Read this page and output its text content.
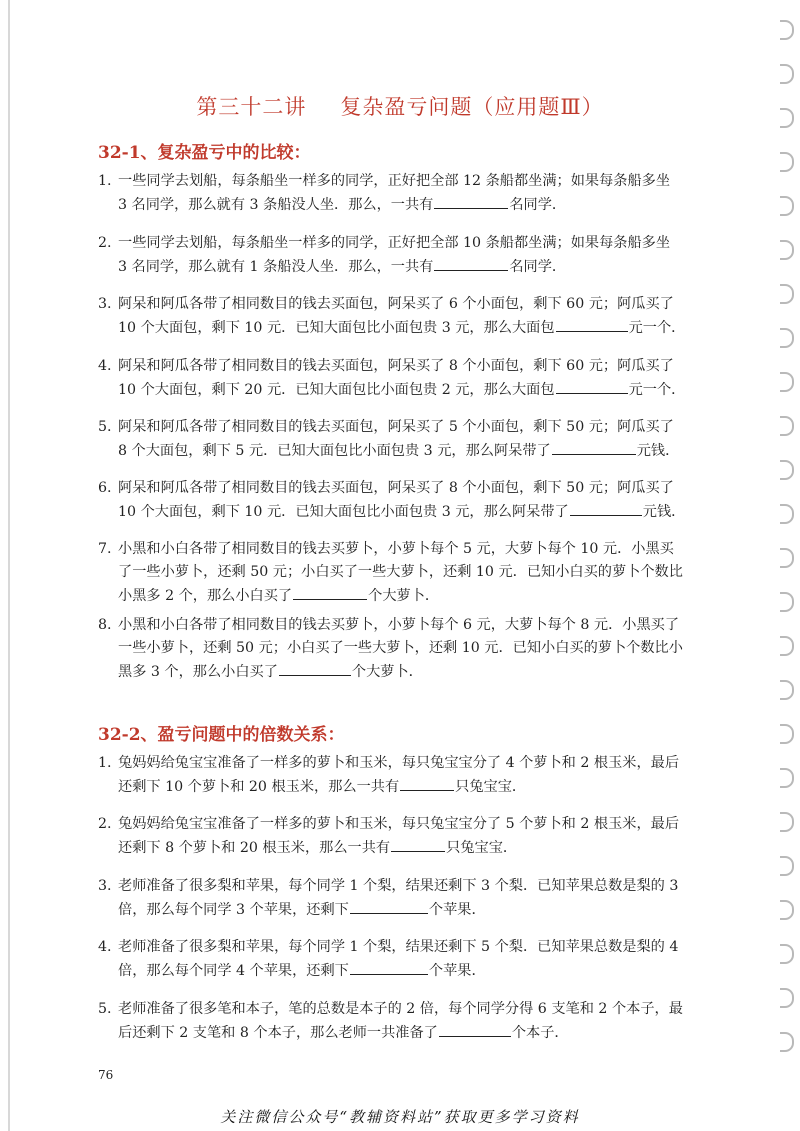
第三十二讲 复杂盈亏问题（应用题Ⅲ）
32-1、复杂盈亏中的比较：
1. 一些同学去划船，每条船坐一样多的同学，正好把全部 12 条船都坐满；如果每条船多坐
3 名同学，那么就有 3 条船没人坐．那么，一共有	名同学．
2. 一些同学去划船，每条船坐一样多的同学，正好把全部 10 条船都坐满；如果每条船多坐
3 名同学，那么就有 1 条船没人坐．那么，一共有	名同学．
3. 阿呆和阿瓜各带了相同数目的钱去买面包，阿呆买了 6 个小面包，剩下 60 元；阿瓜买了
10 个大面包，剩下 10 元．已知大面包比小面包贵 3 元，那么大面包	元一个．
4. 阿呆和阿瓜各带了相同数目的钱去买面包，阿呆买了 8 个小面包，剩下 60 元；阿瓜买了
10 个大面包，剩下 20 元．已知大面包比小面包贵 2 元，那么大面包	元一个．
5. 阿呆和阿瓜各带了相同数目的钱去买面包，阿呆买了 5 个小面包，剩下 50 元；阿瓜买了
8 个大面包，剩下 5 元．已知大面包比小面包贵 3 元，那么阿呆带了	元钱．
6. 阿呆和阿瓜各带了相同数目的钱去买面包，阿呆买了 8 个小面包，剩下 50 元；阿瓜买了
10 个大面包，剩下 10 元．已知大面包比小面包贵 3 元，那么阿呆带了	元钱．
7. 小黑和小白各带了相同数目的钱去买萝卜，小萝卜每个 5 元，大萝卜每个 10 元．小黑买
了一些小萝卜，还剩 50 元；小白买了一些大萝卜，还剩 10 元．已知小白买的萝卜个数比
小黑多 2 个，那么小白买了	个大萝卜．
8. 小黑和小白各带了相同数目的钱去买萝卜，小萝卜每个 6 元，大萝卜每个 8 元．小黑买了
一些小萝卜，还剩 50 元；小白买了一些大萝卜，还剩 10 元．已知小白买的萝卜个数比小
黑多 3 个，那么小白买了	个大萝卜．
32-2、盈亏问题中的倍数关系：
1. 兔妈妈给兔宝宝准备了一样多的萝卜和玉米，每只兔宝宝分了 4 个萝卜和 2 根玉米，最后
还剩下 10 个萝卜和 20 根玉米，那么一共有	只兔宝宝．
2. 兔妈妈给兔宝宝准备了一样多的萝卜和玉米，每只兔宝宝分了 5 个萝卜和 2 根玉米，最后
还剩下 8 个萝卜和 20 根玉米，那么一共有	只兔宝宝．
3. 老师准备了很多梨和苹果，每个同学 1 个梨，结果还剩下 3 个梨．已知苹果总数是梨的 3
倍，那么每个同学 3 个苹果，还剩下	个苹果．
4. 老师准备了很多梨和苹果，每个同学 1 个梨，结果还剩下 5 个梨．已知苹果总数是梨的 4
倍，那么每个同学 4 个苹果，还剩下	个苹果．
5. 老师准备了很多笔和本子，笔的总数是本子的 2 倍，每个同学分得 6 支笔和 2 个本子，最
后还剩下 2 支笔和 8 个本子，那么老师一共准备了	个本子．
76
关注微信公众号“教辅资料站”获取更多学习资料
